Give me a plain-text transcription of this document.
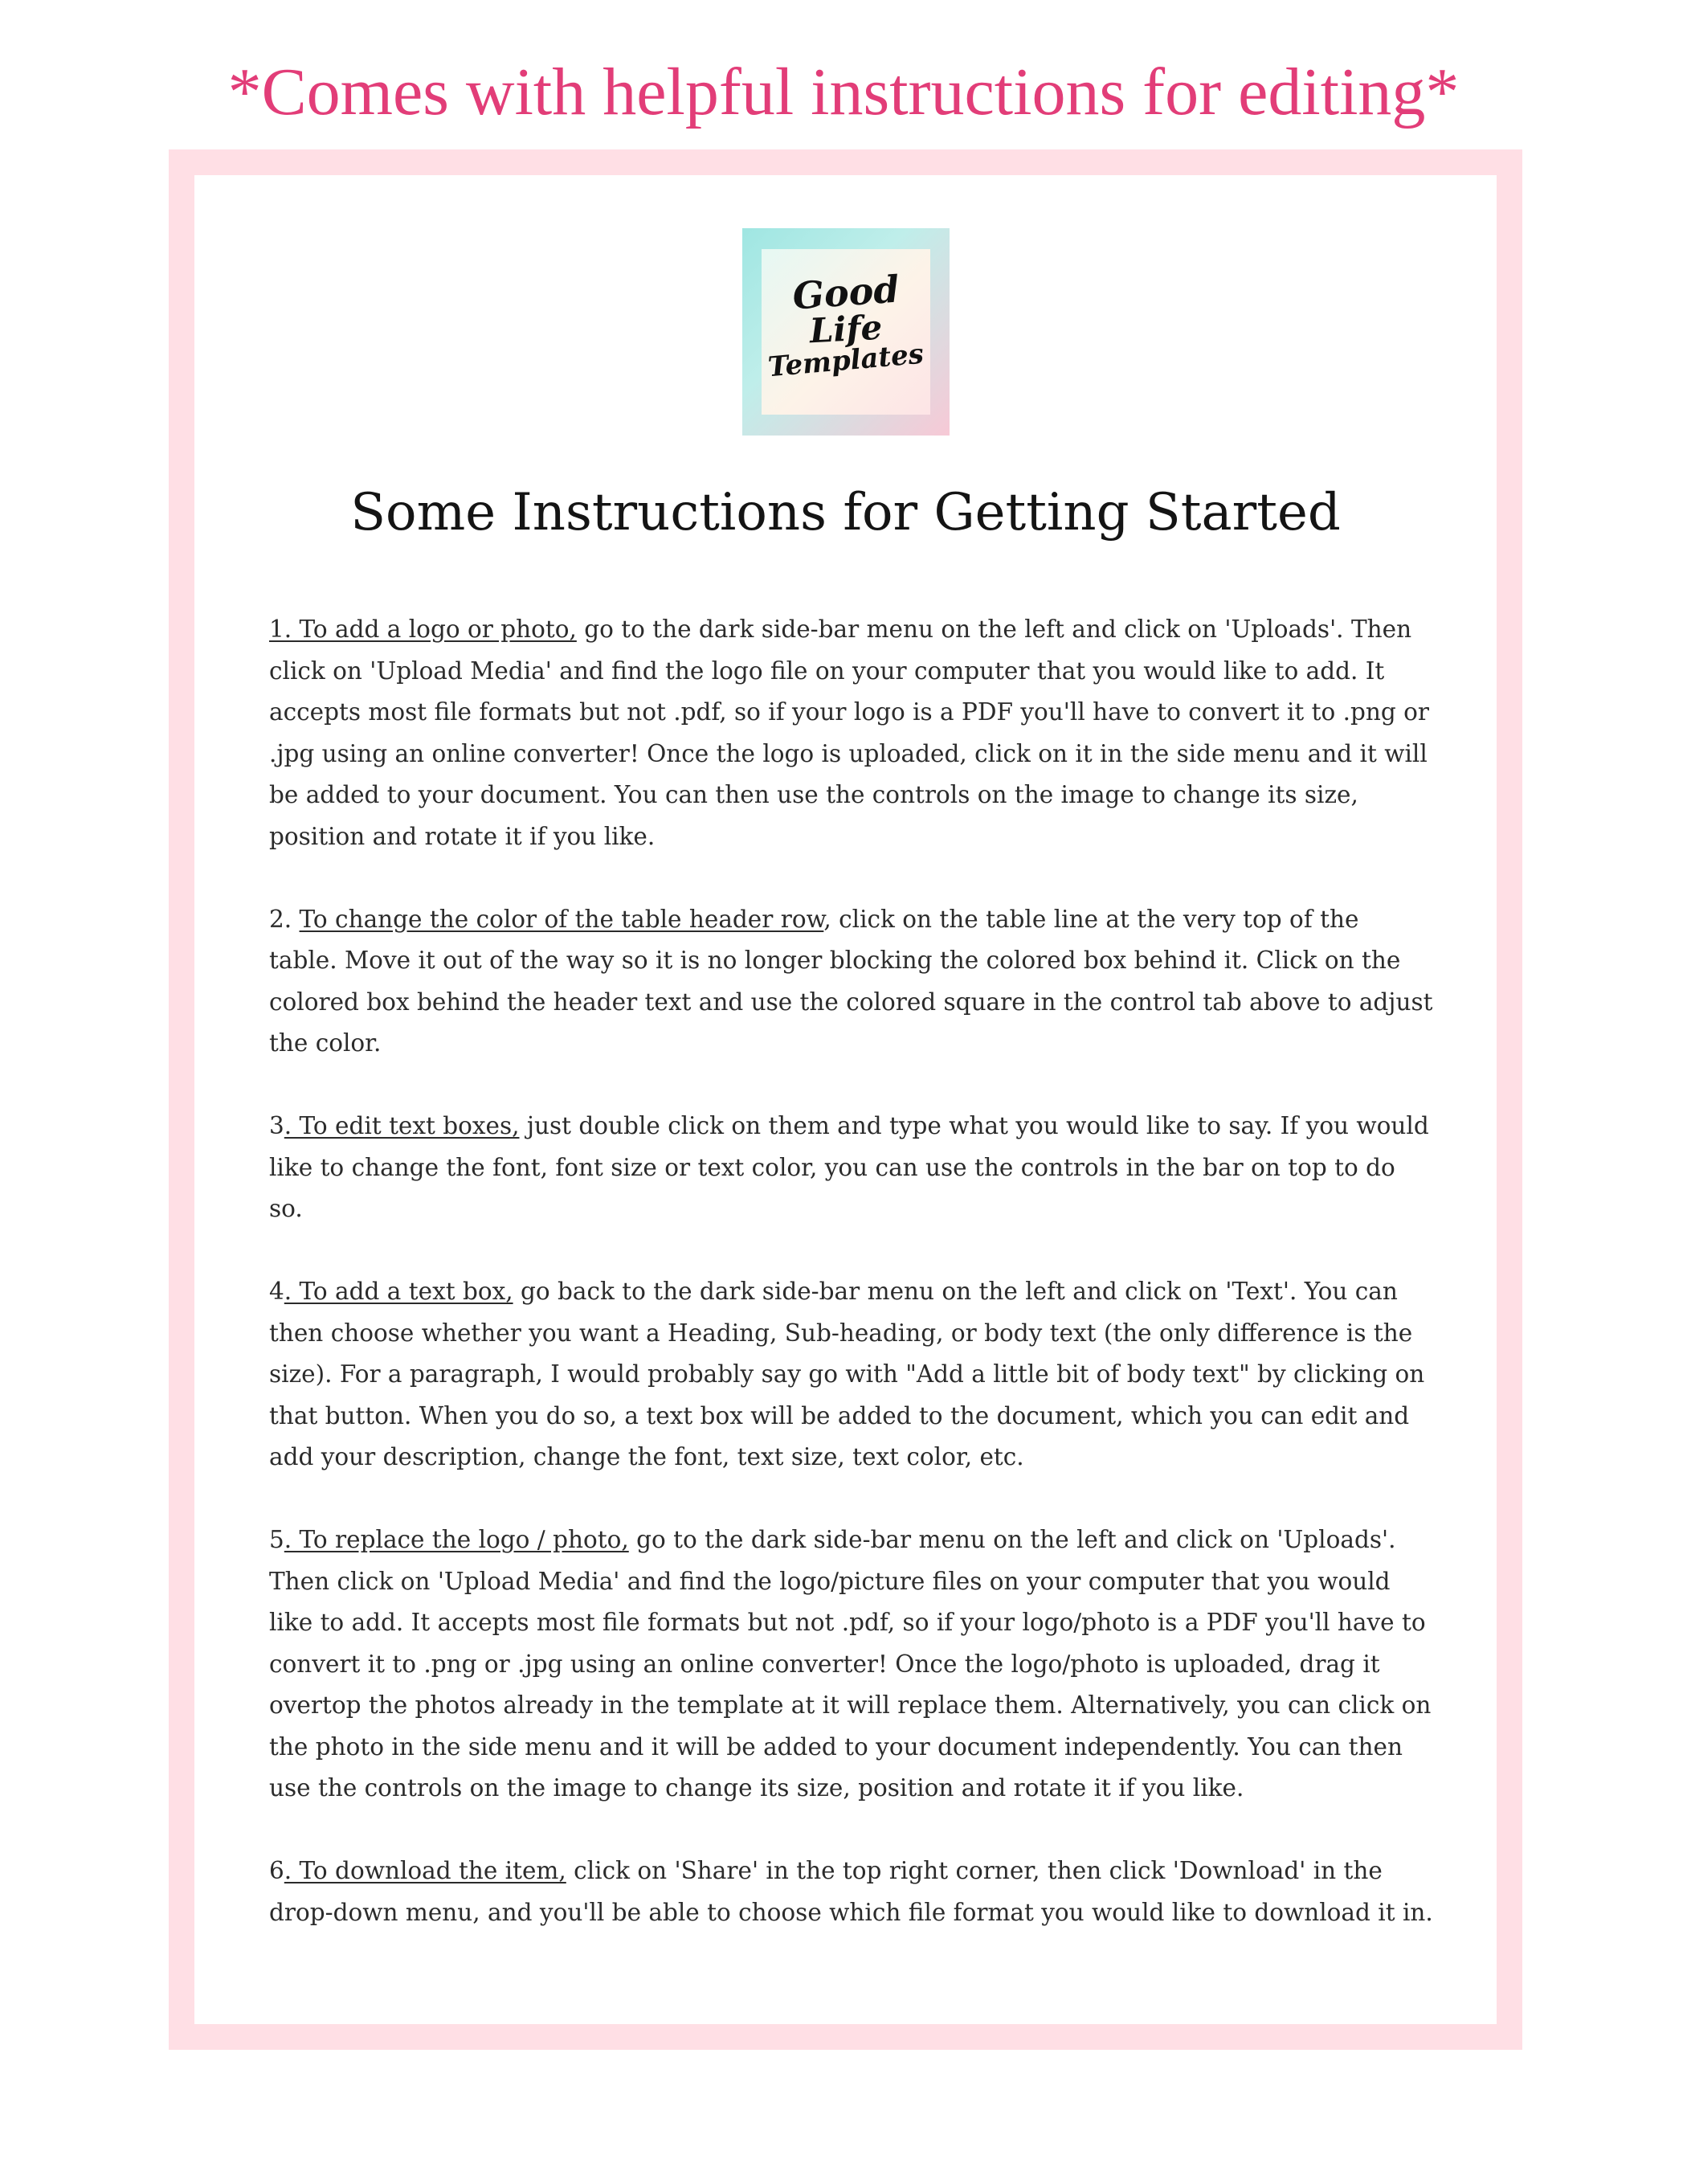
*Comes with helpful instructions for editing*
Good
Life
Templates
Some Instructions for Getting Started

1. To add a logo or photo, go to the dark side-bar menu on the left and click on 'Uploads'. Then click on 'Upload Media' and find the logo file on your computer that you would like to add. It accepts most file formats but not .pdf, so if your logo is a PDF you'll have to convert it to .png or .jpg using an online converter! Once the logo is uploaded, click on it in the side menu and it will be added to your document. You can then use the controls on the image to change its size, position and rotate it if you like.

2. To change the color of the table header row, click on the table line at the very top of the table. Move it out of the way so it is no longer blocking the colored box behind it. Click on the colored box behind the header text and use the colored square in the control tab above to adjust the color.

3. To edit text boxes, just double click on them and type what you would like to say. If you would like to change the font, font size or text color, you can use the controls in the bar on top to do so.

4. To add a text box, go back to the dark side-bar menu on the left and click on 'Text'. You can then choose whether you want a Heading, Sub-heading, or body text (the only difference is the size). For a paragraph, I would probably say go with "Add a little bit of body text" by clicking on that button. When you do so, a text box will be added to the document, which you can edit and add your description, change the font, text size, text color, etc.

5. To replace the logo / photo, go to the dark side-bar menu on the left and click on 'Uploads'. Then click on 'Upload Media' and find the logo/picture files on your computer that you would like to add. It accepts most file formats but not .pdf, so if your logo/photo is a PDF you'll have to convert it to .png or .jpg using an online converter! Once the logo/photo is uploaded, drag it overtop the photos already in the template at it will replace them. Alternatively, you can click on the photo in the side menu and it will be added to your document independently. You can then use the controls on the image to change its size, position and rotate it if you like.

6. To download the item, click on 'Share' in the top right corner, then click 'Download' in the drop-down menu, and you'll be able to choose which file format you would like to download it in.
